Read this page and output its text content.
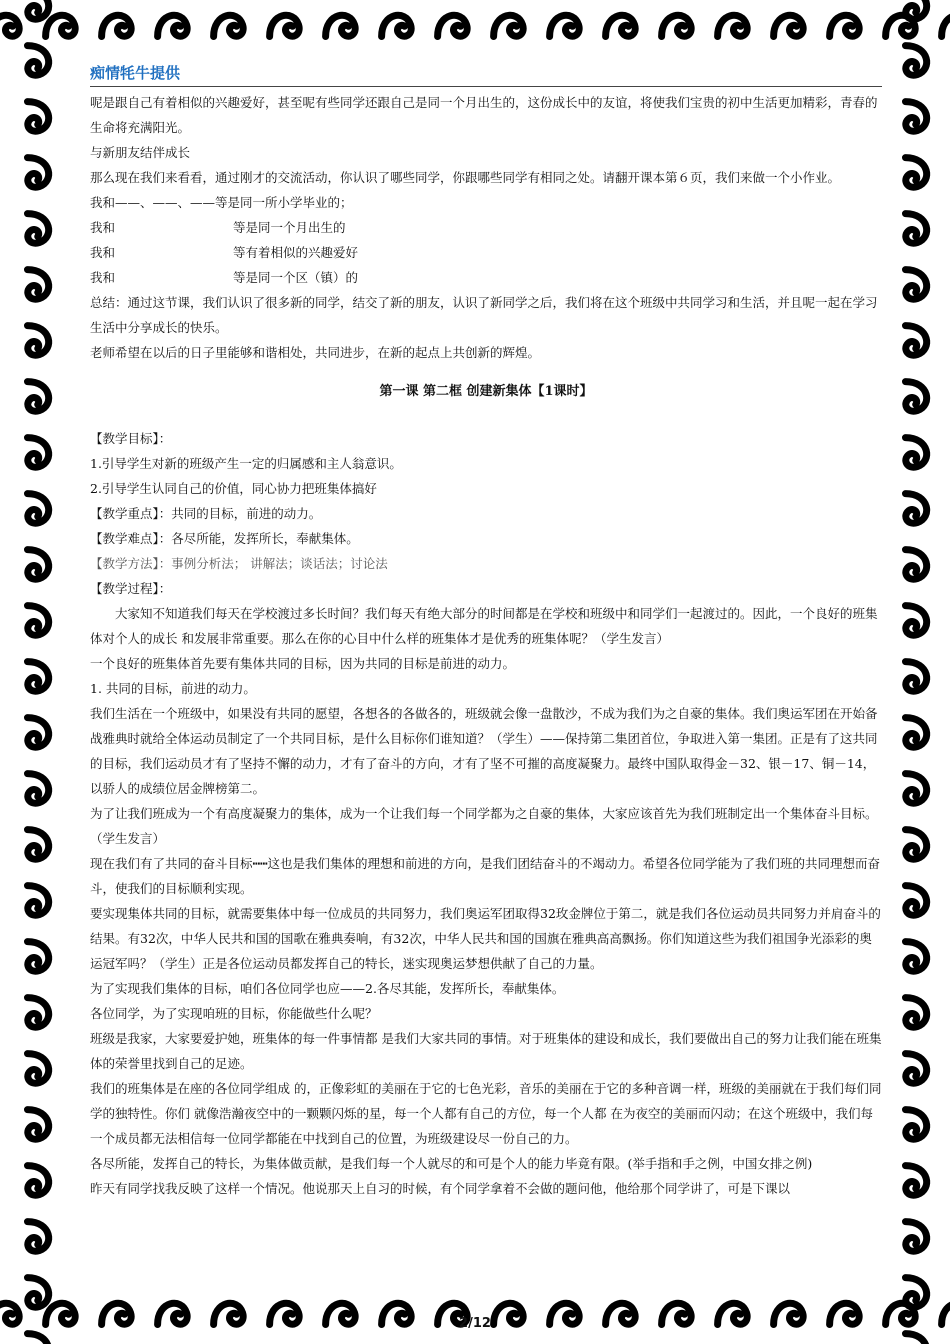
痴情牦牛提供

呢是跟自己有着相似的兴趣爱好，甚至呢有些同学还跟自己是同一个月出生的，这份成长中的友谊，将使我们宝贵的初中生活更加精彩，青春的生命将充满阳光。

与新朋友结伴成长

那么现在我们来看看，通过刚才的交流活动，你认识了哪些同学，你跟哪些同学有相同之处。请翻开课本第６页，我们来做一个小作业。

我和——、——、——等是同一所小学毕业的；

我和	等是同一个月出生的
我和	等有着相似的兴趣爱好
我和	等是同一个区（镇）的

总结：通过这节课，我们认识了很多新的同学，结交了新的朋友，认识了新同学之后，我们将在这个班级中共同学习和生活，并且呢一起在学习生活中分享成长的快乐。

老师希望在以后的日子里能够和谐相处，共同进步，在新的起点上共创新的辉煌。

第一课 第二框 创建新集体【1课时】

【教学目标】：

1.引导学生对新的班级产生一定的归属感和主人翁意识。

2.引导学生认同自己的价值，同心协力把班集体搞好

【教学重点】：共同的目标，前进的动力。

【教学难点】：各尽所能，发挥所长，奉献集体。

【教学方法】：事例分析法； 讲解法；谈话法；讨论法

【教学过程】：

大家知不知道我们每天在学校渡过多长时间？我们每天有绝大部分的时间都是在学校和班级中和同学们一起渡过的。因此，一个良好的班集体对个人的成长 和发展非常重要。那么在你的心目中什么样的班集体才是优秀的班集体呢？（学生发言）

一个良好的班集体首先要有集体共同的目标，因为共同的目标是前进的动力。

1. 共同的目标，前进的动力。

我们生活在一个班级中，如果没有共同的愿望，各想各的各做各的，班级就会像一盘散沙，不成为我们为之自豪的集体。我们奥运军团在开始备战雅典时就给全体运动员制定了一个共同目标，是什么目标你们谁知道？（学生）——保持第二集团首位，争取进入第一集团。正是有了这共同的目标，我们运动员才有了坚持不懈的动力，才有了奋斗的方向，才有了坚不可摧的高度凝聚力。最终中国队取得金－32、银－17、铜－14，以骄人的成绩位居金牌榜第二。

为了让我们班成为一个有高度凝聚力的集体，成为一个让我们每一个同学都为之自豪的集体，大家应该首先为我们班制定出一个集体奋斗目标。（学生发言）

现在我们有了共同的奋斗目标┅┅这也是我们集体的理想和前进的方向，是我们团结奋斗的不竭动力。希望各位同学能为了我们班的共同理想而奋斗，使我们的目标顺利实现。

要实现集体共同的目标，就需要集体中每一位成员的共同努力，我们奥运军团取得32玫金牌位于第二，就是我们各位运动员共同努力并肩奋斗的结果。有32次，中华人民共和国的国歌在雅典奏响，有32次，中华人民共和国的国旗在雅典高高飘扬。你们知道这些为我们祖国争光添彩的奥运冠军吗？（学生）正是各位运动员都发挥自己的特长，迷实现奥运梦想供献了自己的力量。

为了实现我们集体的目标，咱们各位同学也应——2.各尽其能，发挥所长，奉献集体。

各位同学，为了实现咱班的目标，你能做些什么呢？

班级是我家，大家要爱护她，班集体的每一件事情都 是我们大家共同的事情。对于班集体的建设和成长，我们要做出自己的努力让我们能在班集体的荣誉里找到自己的足迹。

我们的班集体是在座的各位同学组成 的，正像彩虹的美丽在于它的七色光彩，音乐的美丽在于它的多种音调一样，班级的美丽就在于我们每们同学的独特性。你们 就像浩瀚夜空中的一颗颗闪烁的星，每一个人都有自己的方位，每一个人都 在为夜空的美丽而闪动；在这个班级中，我们每一个成员都无法相信每一位同学都能在中找到自己的位置，为班级建设尽一份自己的力。

各尽所能，发挥自己的特长，为集体做贡献，是我们每一个人就尽的和可是个人的能力毕竟有限。(举手指和手之例，中国女排之例)

昨天有同学找我反映了这样一个情况。他说那天上自习的时候，有个同学拿着不会做的题问他，他给那个同学讲了，可是下课以

2/12
